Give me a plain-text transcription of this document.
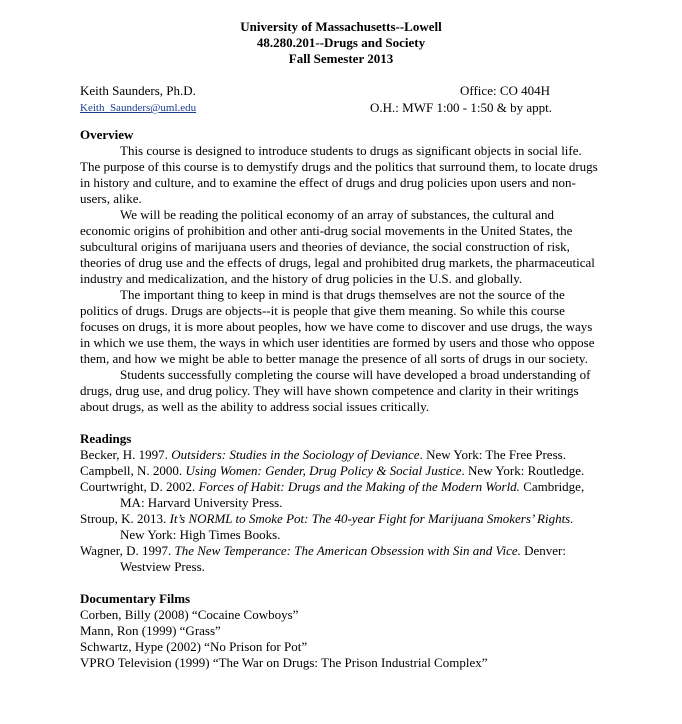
University of Massachusetts--Lowell
48.280.201--Drugs and Society
Fall Semester 2013
Keith Saunders, Ph.D.	Office: CO 404H
Keith_Saunders@uml.edu	O.H.: MWF 1:00 - 1:50 & by appt.
Overview

This course is designed to introduce students to drugs as significant objects in social life. The purpose of this course is to demystify drugs and the politics that surround them, to locate drugs in history and culture, and to examine the effect of drugs and drug policies upon users and non-users, alike.

We will be reading the political economy of an array of substances, the cultural and economic origins of prohibition and other anti-drug social movements in the United States, the subcultural origins of marijuana users and theories of deviance, the social construction of risk, theories of drug use and the effects of drugs, legal and prohibited drug markets, the pharmaceutical industry and medicalization, and the history of drug policies in the U.S. and globally.

The important thing to keep in mind is that drugs themselves are not the source of the politics of drugs. Drugs are objects--it is people that give them meaning. So while this course focuses on drugs, it is more about peoples, how we have come to discover and use drugs, the ways in which we use them, the ways in which user identities are formed by users and those who oppose them, and how we might be able to better manage the presence of all sorts of drugs in our society.

Students successfully completing the course will have developed a broad understanding of drugs, drug use, and drug policy. They will have shown competence and clarity in their writings about drugs, as well as the ability to address social issues critically.

Readings
Becker, H. 1997. Outsiders: Studies in the Sociology of Deviance. New York: The Free Press.
Campbell, N. 2000. Using Women: Gender, Drug Policy & Social Justice. New York: Routledge.
Courtwright, D. 2002. Forces of Habit: Drugs and the Making of the Modern World. Cambridge, MA: Harvard University Press.
Stroup, K. 2013. It’s NORML to Smoke Pot: The 40-year Fight for Marijuana Smokers’ Rights. New York: High Times Books.
Wagner, D. 1997. The New Temperance: The American Obsession with Sin and Vice. Denver: Westview Press.
Documentary Films
Corben, Billy (2008) “Cocaine Cowboys”
Mann, Ron (1999) “Grass”
Schwartz, Hype (2002) “No Prison for Pot”
VPRO Television (1999) “The War on Drugs: The Prison Industrial Complex”
